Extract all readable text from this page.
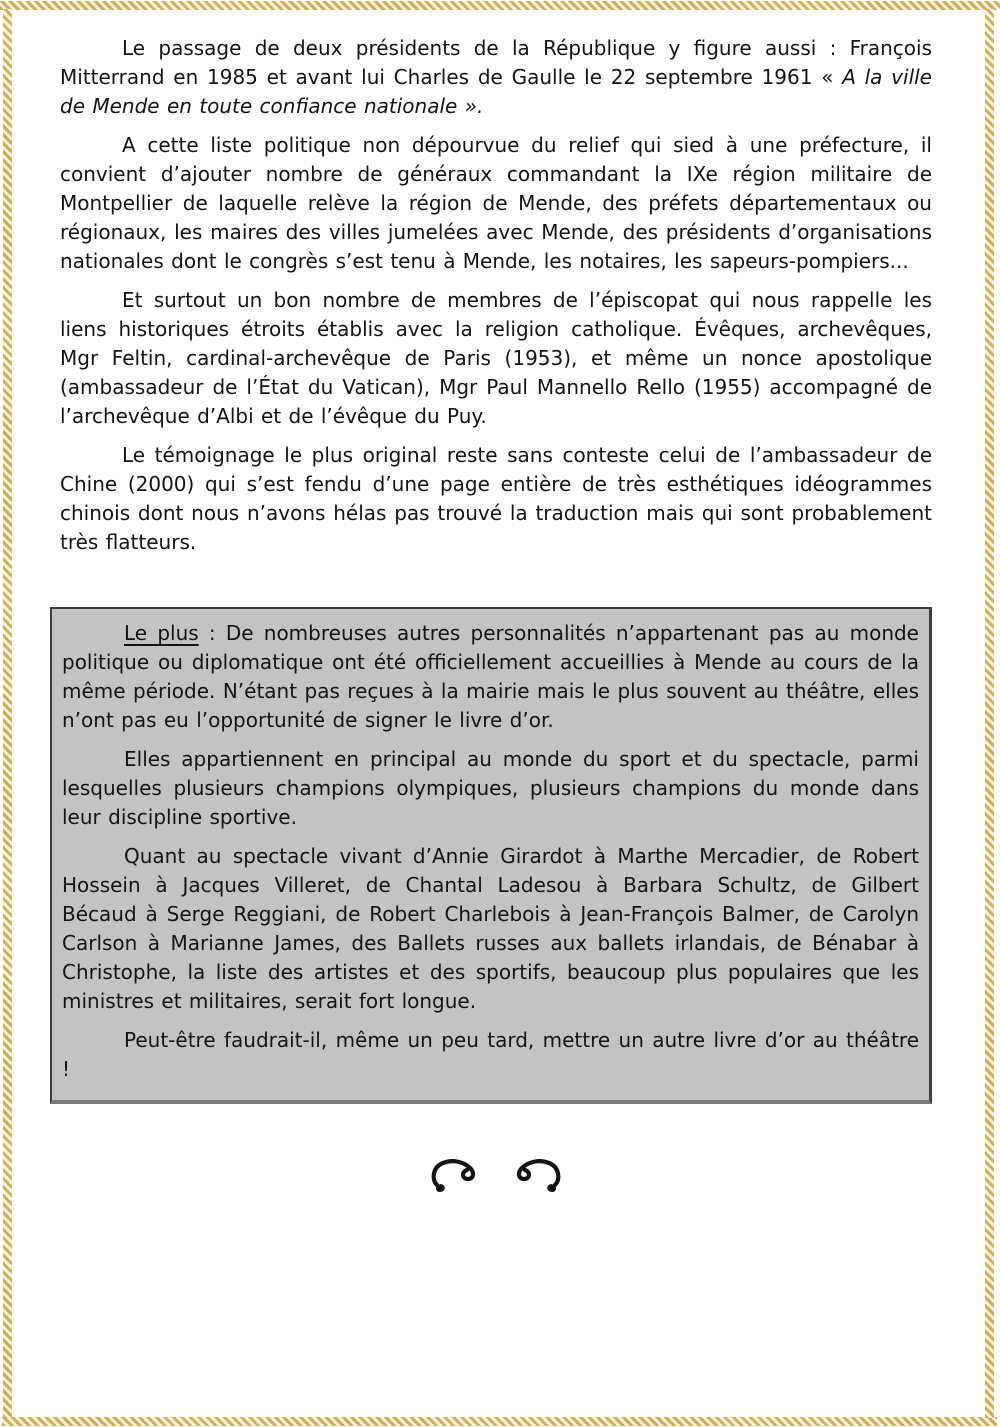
Le passage de deux présidents de la République y figure aussi : François Mitterrand en 1985 et avant lui Charles de Gaulle le 22 septembre 1961 « A la ville de Mende en toute confiance nationale ».

A cette liste politique non dépourvue du relief qui sied à une préfecture, il convient d’ajouter nombre de généraux commandant la IXe région militaire de Montpellier de laquelle relève la région de Mende, des préfets départementaux ou régionaux, les maires des villes jumelées avec Mende, des présidents d’organisations nationales dont le congrès s’est tenu à Mende, les notaires, les sapeurs-pompiers...

Et surtout un bon nombre de membres de l’épiscopat qui nous rappelle les liens historiques étroits établis avec la religion catholique. Évêques, archevêques, Mgr Feltin, cardinal-archevêque de Paris (1953), et même un nonce apostolique (ambassadeur de l’État du Vatican), Mgr Paul Mannello Rello (1955) accompagné de l’archevêque d’Albi et de l’évêque du Puy.

Le témoignage le plus original reste sans conteste celui de l’ambassadeur de Chine (2000) qui s’est fendu d’une page entière de très esthétiques idéogrammes chinois dont nous n’avons hélas pas trouvé la traduction mais qui sont probablement très flatteurs.

Le plus : De nombreuses autres personnalités n’appartenant pas au monde politique ou diplomatique ont été officiellement accueillies à Mende au cours de la même période. N’étant pas reçues à la mairie mais le plus souvent au théâtre, elles n’ont pas eu l’opportunité de signer le livre d’or.

Elles appartiennent en principal au monde du sport et du spectacle, parmi lesquelles plusieurs champions olympiques, plusieurs champions du monde dans leur discipline sportive.

Quant au spectacle vivant d’Annie Girardot à Marthe Mercadier, de Robert Hossein à Jacques Villeret, de Chantal Ladesou à Barbara Schultz, de Gilbert Bécaud à Serge Reggiani, de Robert Charlebois à Jean-François Balmer, de Carolyn Carlson à Marianne James, des Ballets russes aux ballets irlandais, de Bénabar à Christophe, la liste des artistes et des sportifs, beaucoup plus populaires que les ministres et militaires, serait fort longue.

Peut-être faudrait-il, même un peu tard, mettre un autre livre d’or au théâtre !
